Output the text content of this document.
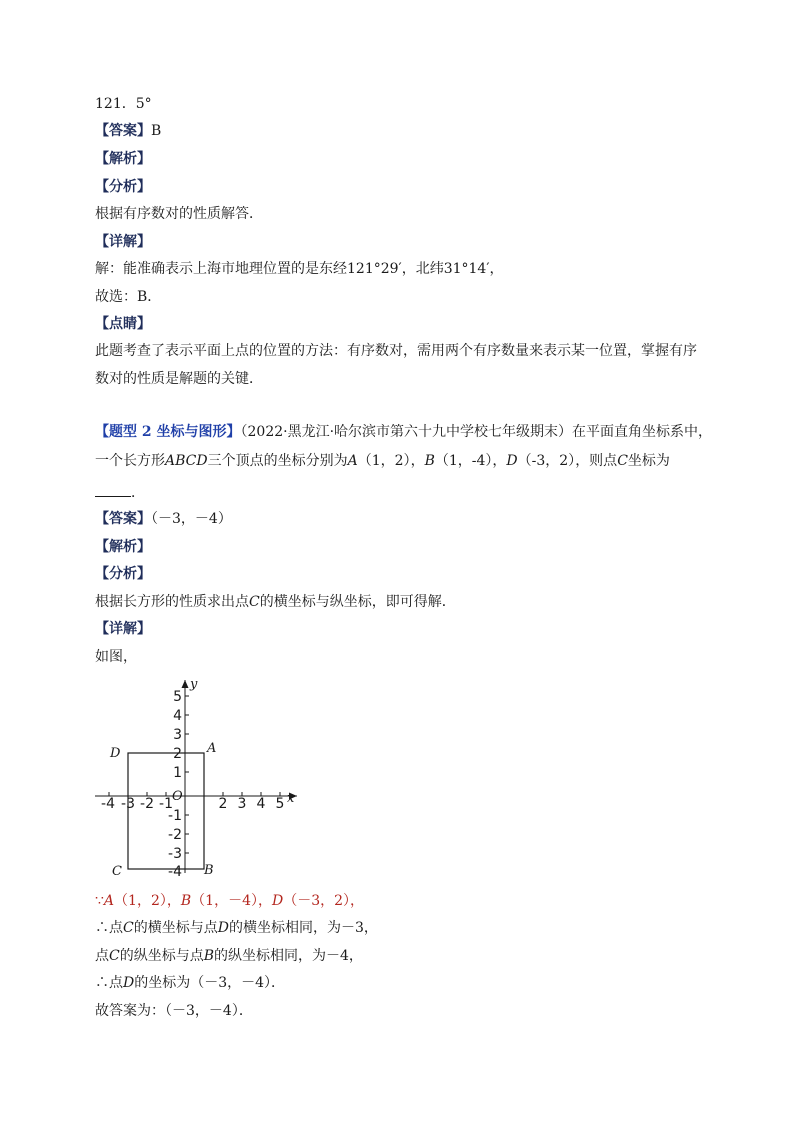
121．5°
【答案】B
【解析】
【分析】
根据有序数对的性质解答．
【详解】
解：能准确表示上海市地理位置的是东经121°29′，北纬31°14′，
故选：B．
【点睛】
此题考查了表示平面上点的位置的方法：有序数对，需用两个有序数量来表示某一位置，掌握有序
数对的性质是解题的关键．
【题型 2 坐标与图形】（2022·黑龙江·哈尔滨市第六十九中学校七年级期末）在平面直角坐标系中，
一个长方形ABCD三个顶点的坐标分别为A（1，2），B（1，-4），D（-3，2），则点C坐标为
．
【答案】（－3，－4）
【解析】
【分析】
根据长方形的性质求出点C的横坐标与纵坐标，即可得解．
【详解】
如图，
-4 -3 -2 -1	2 3 4 5
5
4
3
2
1
-1
-2
-3
-4
x
y
O
A
B
C
D
∵A（1，2），B（1，－4），D（－3，2），
∴点C的横坐标与点D的横坐标相同，为－3，
点C的纵坐标与点B的纵坐标相同，为－4，
∴点D的坐标为（－3，－4）．
故答案为：（－3，－4）．
